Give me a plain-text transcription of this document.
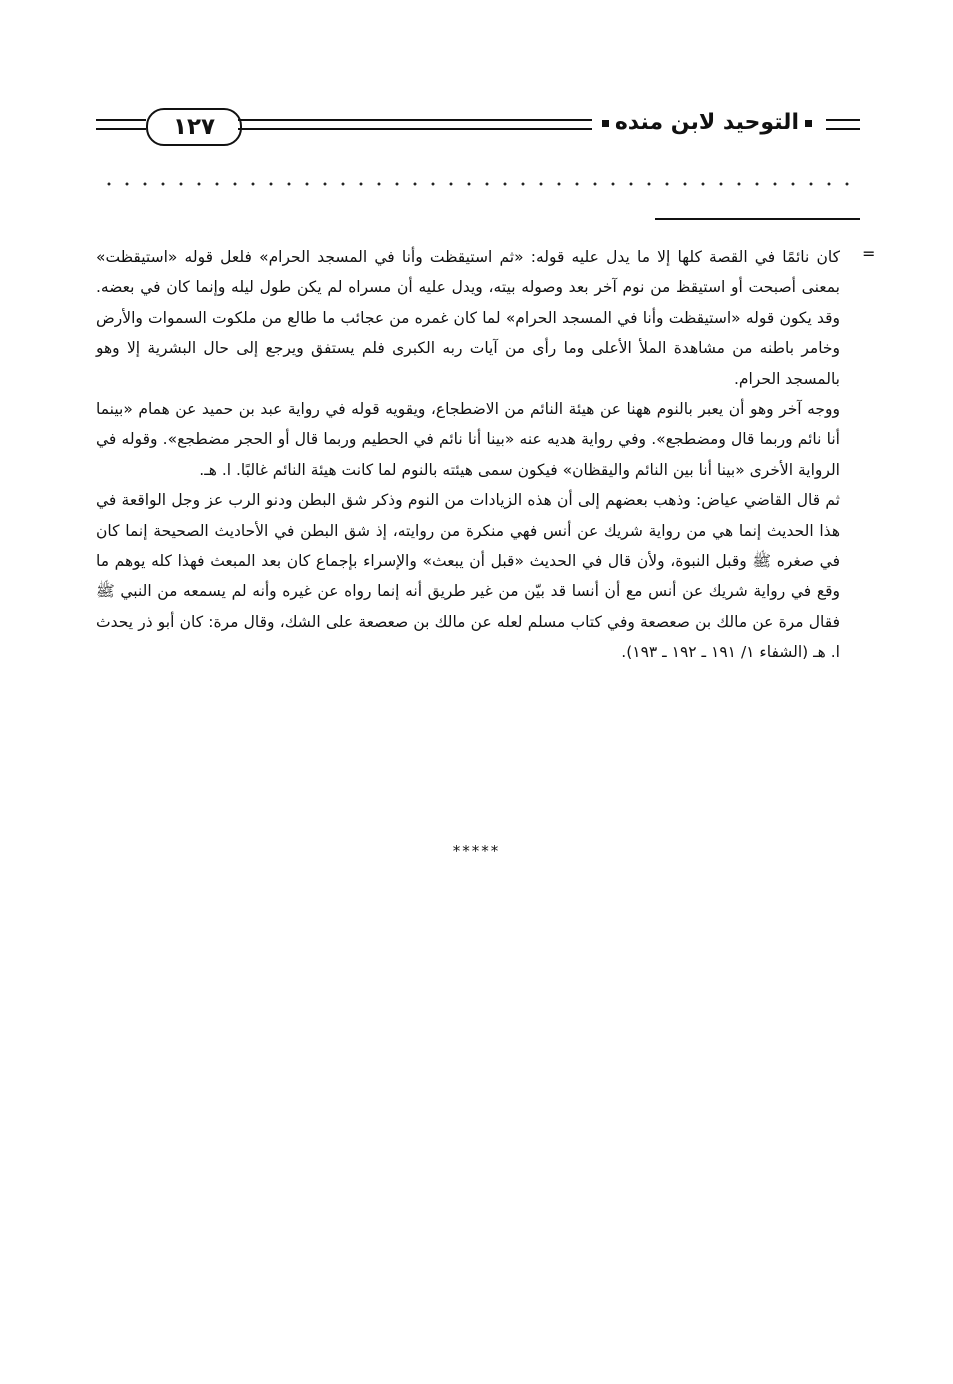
١٢٧	التوحيد لابن منده
=

كان نائمًا في القصة كلها إلا ما يدل عليه قوله: «ثم استيقظت وأنا في المسجد الحرام» فلعل قوله «استيقظت» بمعنى أصبحت أو استيقظ من نوم آخر بعد وصوله بيته، ويدل عليه أن مسراه لم يكن طول ليله وإنما كان في بعضه. وقد يكون قوله «استيقظت وأنا في المسجد الحرام» لما كان غمره من عجائب ما طالع من ملكوت السموات والأرض وخامر باطنه من مشاهدة الملأ الأعلى وما رأى من آيات ربه الكبرى فلم يستفق ويرجع إلى حال البشرية إلا وهو بالمسجد الحرام.

ووجه آخر وهو أن يعبر بالنوم ههنا عن هيئة النائم من الاضطجاع، ويقويه قوله في رواية عبد بن حميد عن همام «بينما أنا نائم وربما قال ومضطجع». وفي رواية هديه عنه «بينا أنا نائم في الحطيم وربما قال أو الحجر مضطجع». وقوله في الرواية الأخرى «بينا أنا بين النائم واليقظان» فيكون سمى هيئته بالنوم لما كانت هيئة النائم غالبًا. ا. هـ.

ثم قال القاضي عياض: وذهب بعضهم إلى أن هذه الزيادات من النوم وذكر شق البطن ودنو الرب عز وجل الواقعة في هذا الحديث إنما هي من رواية شريك عن أنس فهي منكرة من روايته، إذ شق البطن في الأحاديث الصحيحة إنما كان في صغره ﷺ وقبل النبوة، ولأن قال في الحديث «قبل أن يبعث» والإسراء بإجماع كان بعد المبعث فهذا كله يوهم ما وقع في رواية شريك عن أنس مع أن أنسا قد بيّن من غير طريق أنه إنما رواه عن غيره وأنه لم يسمعه من النبي ﷺ فقال مرة عن مالك بن صعصعة وفي كتاب مسلم لعله عن مالك بن صعصعة على الشك، وقال مرة: كان أبو ذر يحدث ا. هـ (الشفاء ١/ ١٩١ ـ ١٩٢ ـ ١٩٣).

*****
